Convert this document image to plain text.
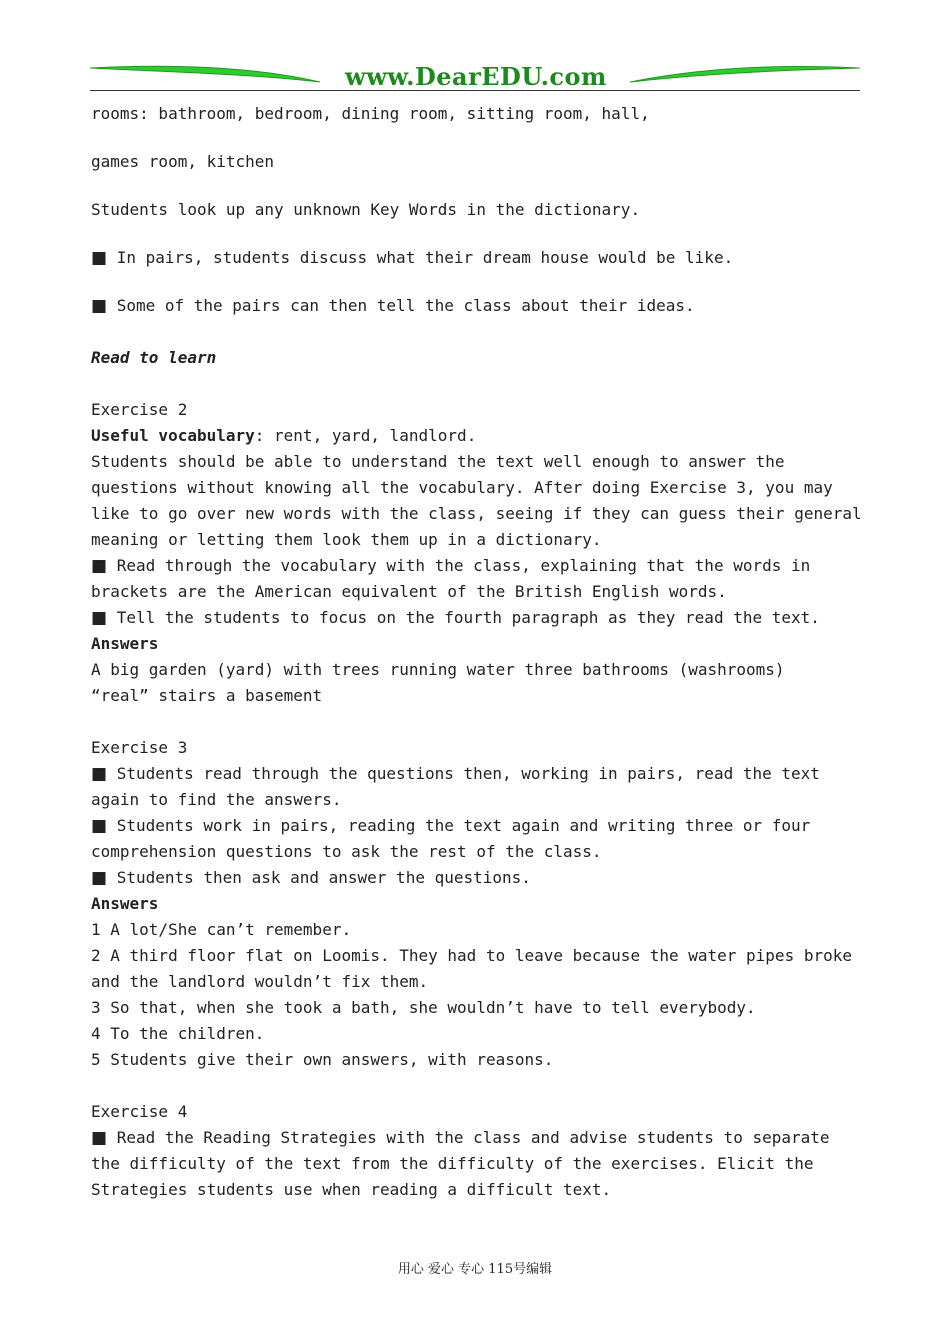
www.DearEDU.com
rooms: bathroom, bedroom, dining room, sitting room, hall,
games room, kitchen
Students look up any unknown Key Words in the dictionary.
■ In pairs, students discuss what their dream house would be like.
■ Some of the pairs can then tell the class about their ideas.
Read to learn
Exercise 2
Useful vocabulary: rent, yard, landlord.
Students should be able to understand the text well enough to answer the
questions without knowing all the vocabulary. After doing Exercise 3, you may
like to go over new words with the class, seeing if they can guess their general
meaning or letting them look them up in a dictionary.
■ Read through the vocabulary with the class, explaining that the words in
brackets are the American equivalent of the British English words.
■ Tell the students to focus on the fourth paragraph as they read the text.
Answers
A big garden (yard) with trees running water three bathrooms (washrooms)
“real” stairs a basement
Exercise 3
■ Students read through the questions then, working in pairs, read the text
again to find the answers.
■ Students work in pairs, reading the text again and writing three or four
comprehension questions to ask the rest of the class.
■ Students then ask and answer the questions.
Answers
1 A lot/She can’t remember.
2 A third floor flat on Loomis. They had to leave because the water pipes broke
and the landlord wouldn’t fix them.
3 So that, when she took a bath, she wouldn’t have to tell everybody.
4 To the children.
5 Students give their own answers, with reasons.
Exercise 4
■ Read the Reading Strategies with the class and advise students to separate
the difficulty of the text from the difficulty of the exercises. Elicit the
Strategies students use when reading a difficult text.
用心 爱心 专心 115号编辑
